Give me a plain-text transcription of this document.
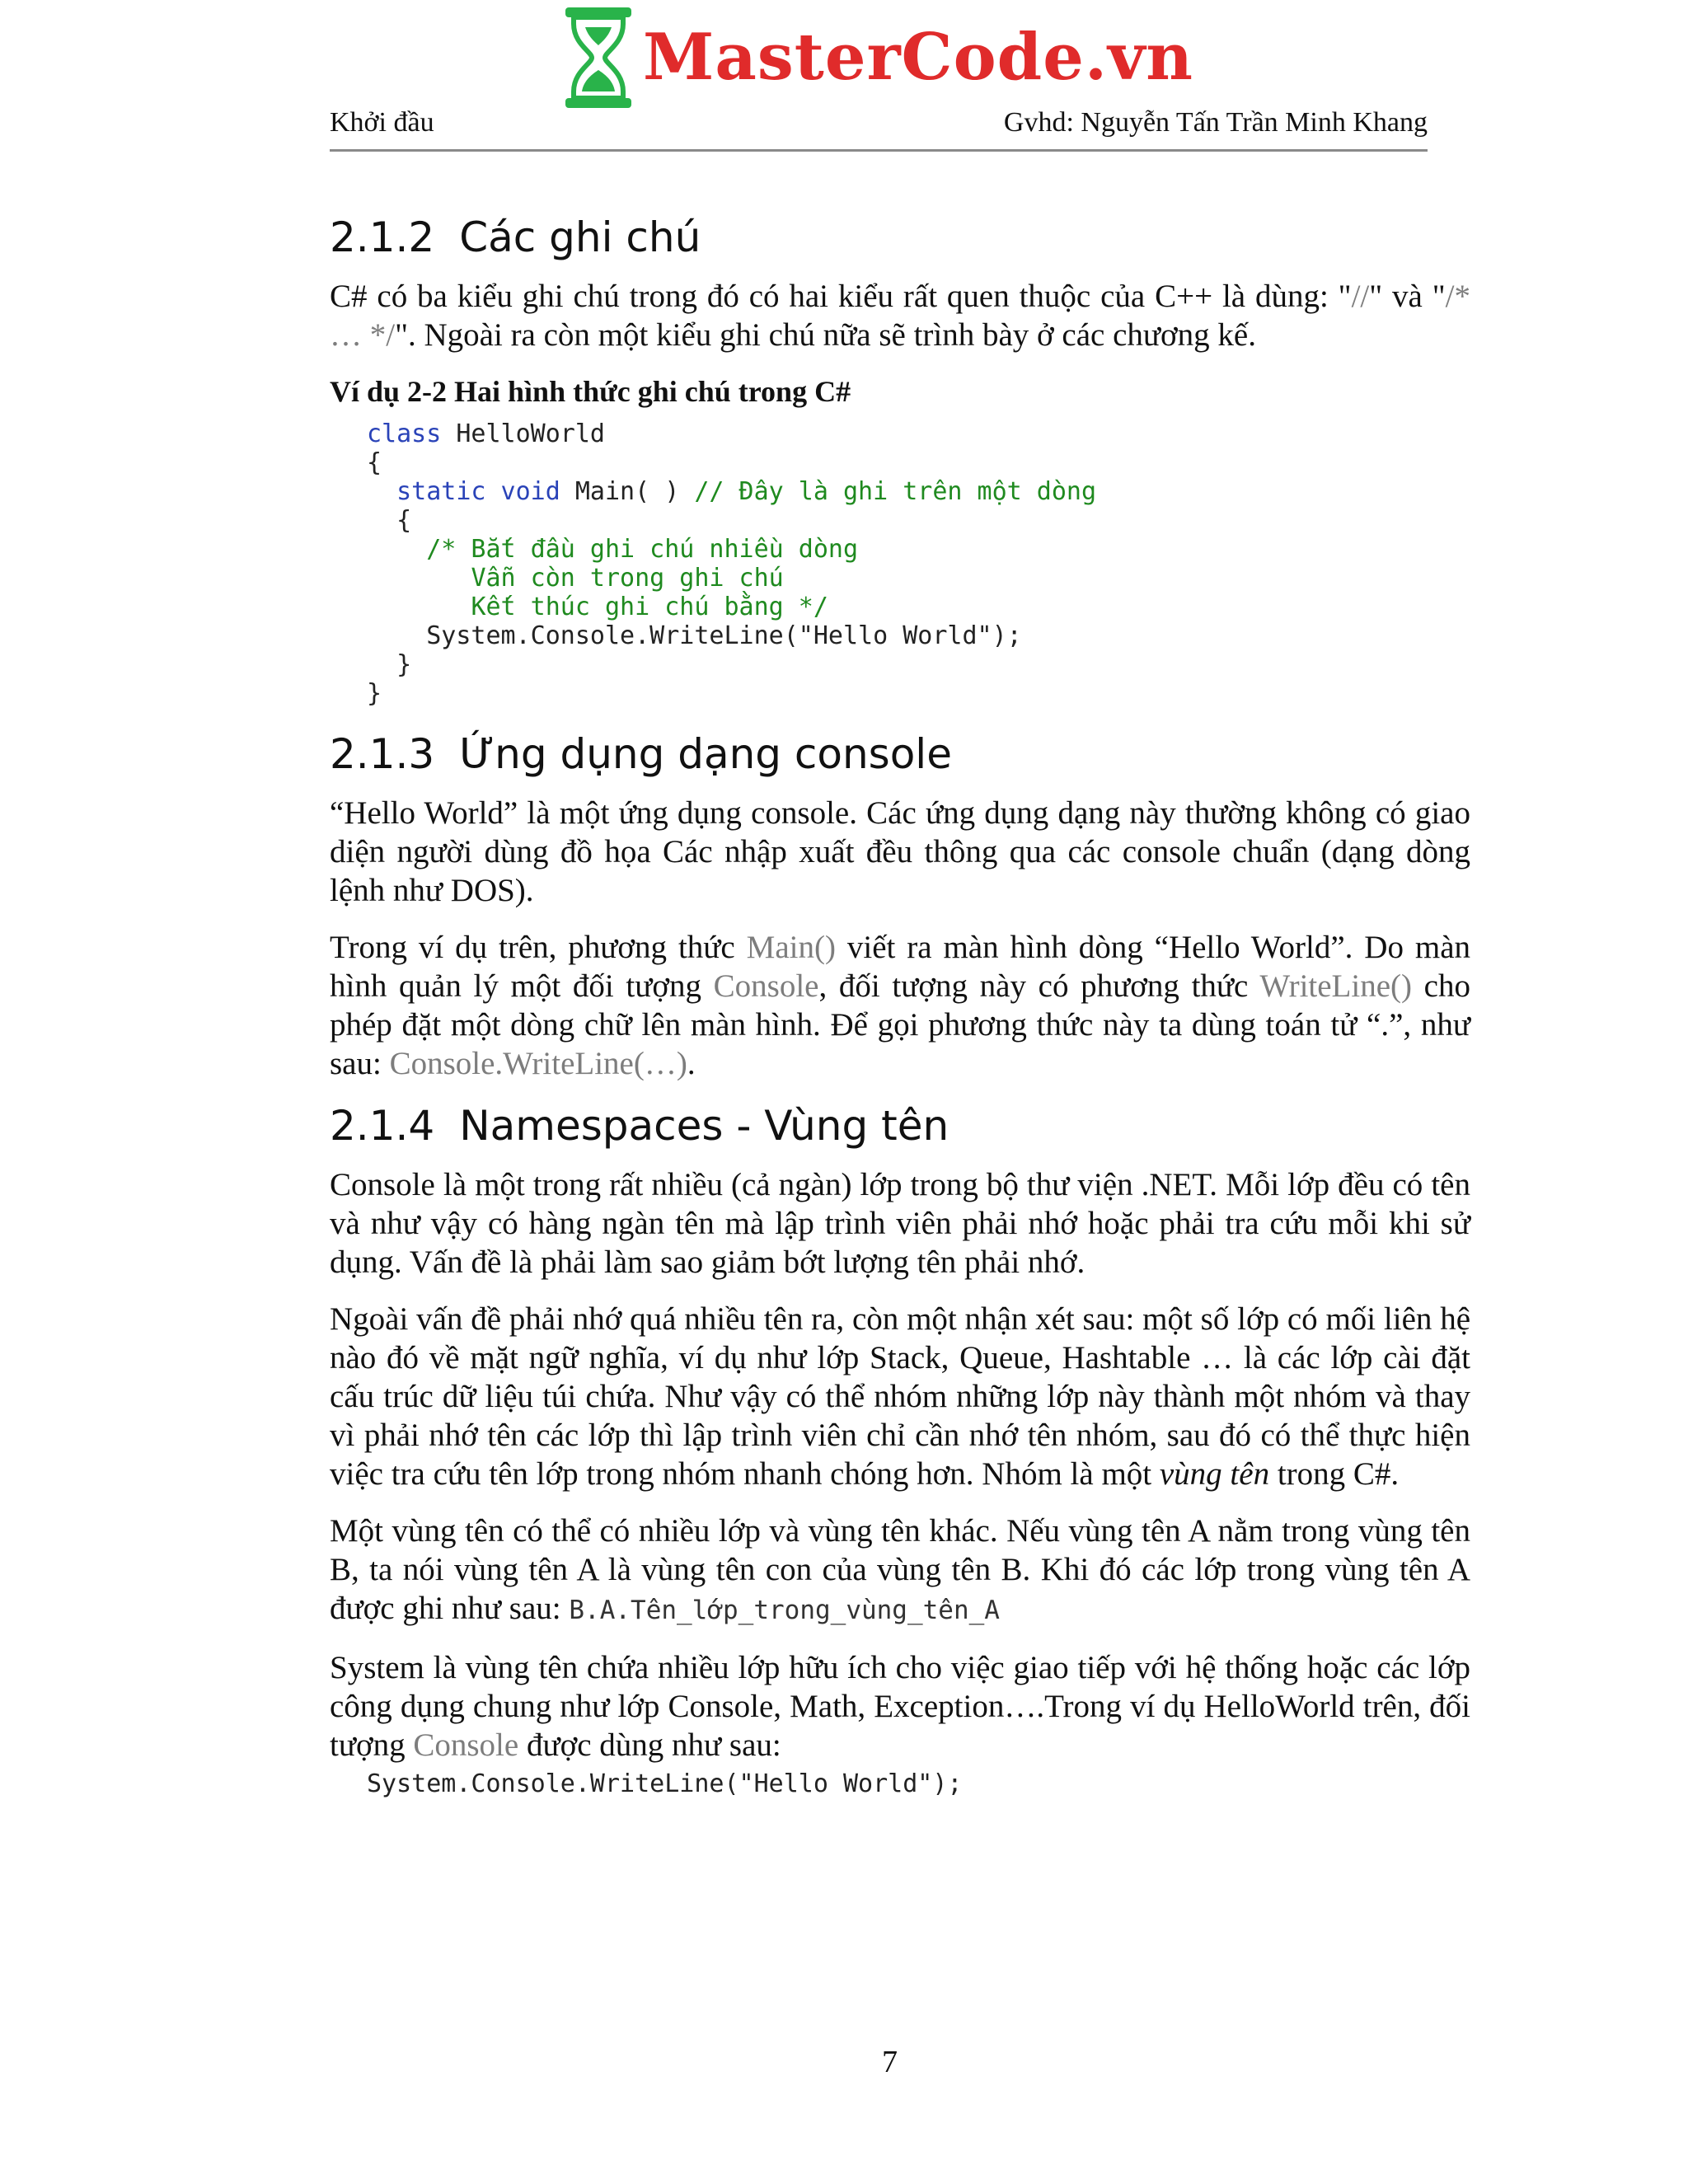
MasterCode.vn
Khởi đầu	Gvhd: Nguyễn Tấn Trần Minh Khang
2.1.2 Các ghi chú

C# có ba kiểu ghi chú trong đó có hai kiểu rất quen thuộc của C++ là dùng: "//" và "/* … */". Ngoài ra còn một kiểu ghi chú nữa sẽ trình bày ở các chương kế.

Ví dụ 2-2 Hai hình thức ghi chú trong C#

class HelloWorld
{
static void Main( ) // Đây là ghi trên một dòng
{
/* Bắt đầu ghi chú nhiều dòng
Vẫn còn trong ghi chú
Kết thúc ghi chú bằng */
System.Console.WriteLine("Hello World");
}
}
2.1.3 Ứng dụng dạng console

“Hello World” là một ứng dụng console. Các ứng dụng dạng này thường không có giao diện người dùng đồ họa Các nhập xuất đều thông qua các console chuẩn (dạng dòng lệnh như DOS).

Trong ví dụ trên, phương thức Main() viết ra màn hình dòng “Hello World”. Do màn hình quản lý một đối tượng Console, đối tượng này có phương thức WriteLine() cho phép đặt một dòng chữ lên màn hình. Để gọi phương thức này ta dùng toán tử “.”, như sau: Console.WriteLine(…).

2.1.4 Namespaces - Vùng tên

Console là một trong rất nhiều (cả ngàn) lớp trong bộ thư viện .NET. Mỗi lớp đều có tên và như vậy có hàng ngàn tên mà lập trình viên phải nhớ hoặc phải tra cứu mỗi khi sử dụng. Vấn đề là phải làm sao giảm bớt lượng tên phải nhớ.

Ngoài vấn đề phải nhớ quá nhiều tên ra, còn một nhận xét sau: một số lớp có mối liên hệ nào đó về mặt ngữ nghĩa, ví dụ như lớp Stack, Queue, Hashtable … là các lớp cài đặt cấu trúc dữ liệu túi chứa. Như vậy có thể nhóm những lớp này thành một nhóm và thay vì phải nhớ tên các lớp thì lập trình viên chỉ cần nhớ tên nhóm, sau đó có thể thực hiện việc tra cứu tên lớp trong nhóm nhanh chóng hơn. Nhóm là một vùng tên trong C#.

Một vùng tên có thể có nhiều lớp và vùng tên khác. Nếu vùng tên A nằm trong vùng tên B, ta nói vùng tên A là vùng tên con của vùng tên B. Khi đó các lớp trong vùng tên A được ghi như sau: B.A.Tên_lớp_trong_vùng_tên_A

System là vùng tên chứa nhiều lớp hữu ích cho việc giao tiếp với hệ thống hoặc các lớp công dụng chung như lớp Console, Math, Exception….Trong ví dụ HelloWorld trên, đối tượng Console được dùng như sau:

System.Console.WriteLine("Hello World");
7
